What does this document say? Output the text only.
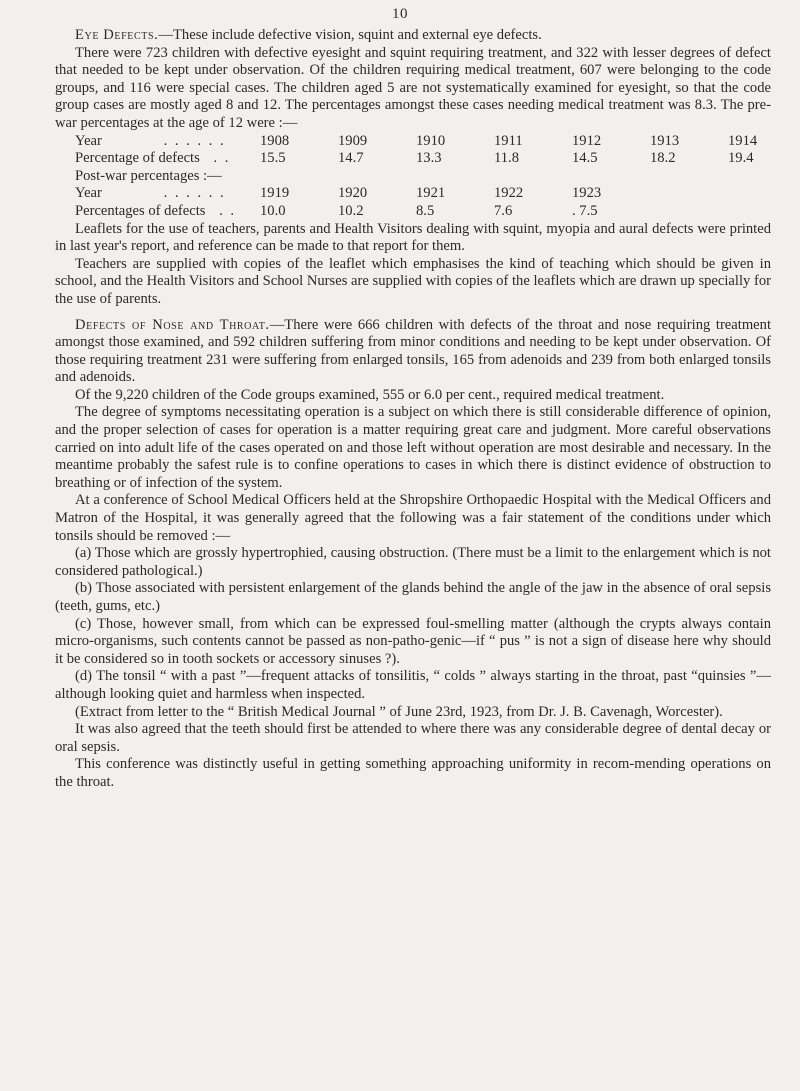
10

Eye Defects.—These include defective vision, squint and external eye defects.

There were 723 children with defective eyesight and squint requiring treatment, and 322 with lesser degrees of defect that needed to be kept under observation. Of the children requiring medical treatment, 607 were belonging to the code groups, and 116 were special cases. The children aged 5 are not systematically examined for eyesight, so that the code group cases are mostly aged 8 and 12. The percentages amongst these cases needing medical treatment was 8.3. The pre-war percentages at the age of 12 were :—

Year . . . . . .	1908	1909	1910	1911	1912	1913	1914
Percentage of defects . .	15.5	14.7	13.3	11.8	14.5	18.2	19.4

Post-war percentages :—

Year . . . . . .	1919	1920	1921	1922	1923
Percentages of defects . .	10.0	10.2	8.5	7.6	. 7.5

Leaflets for the use of teachers, parents and Health Visitors dealing with squint, myopia and aural defects were printed in last year's report, and reference can be made to that report for them.

Teachers are supplied with copies of the leaflet which emphasises the kind of teaching which should be given in school, and the Health Visitors and School Nurses are supplied with copies of the leaflets which are drawn up specially for the use of parents.

Defects of Nose and Throat.—There were 666 children with defects of the throat and nose requiring treatment amongst those examined, and 592 children suffering from minor conditions and needing to be kept under observation. Of those requiring treatment 231 were suffering from enlarged tonsils, 165 from adenoids and 239 from both enlarged tonsils and adenoids.

Of the 9,220 children of the Code groups examined, 555 or 6.0 per cent., required medical treatment.

The degree of symptoms necessitating operation is a subject on which there is still considerable difference of opinion, and the proper selection of cases for operation is a matter requiring great care and judgment. More careful observations carried on into adult life of the cases operated on and those left without operation are most desirable and necessary. In the meantime probably the safest rule is to confine operations to cases in which there is distinct evidence of obstruction to breathing or of infection of the system.

At a conference of School Medical Officers held at the Shropshire Orthopaedic Hospital with the Medical Officers and Matron of the Hospital, it was generally agreed that the following was a fair statement of the conditions under which tonsils should be removed :—

(a) Those which are grossly hypertrophied, causing obstruction. (There must be a limit to the enlargement which is not considered pathological.)

(b) Those associated with persistent enlargement of the glands behind the angle of the jaw in the absence of oral sepsis (teeth, gums, etc.)

(c) Those, however small, from which can be expressed foul-smelling matter (although the crypts always contain micro-organisms, such contents cannot be passed as non-patho-genic—if “ pus ” is not a sign of disease here why should it be considered so in tooth sockets or accessory sinuses ?).

(d) The tonsil “ with a past ”—frequent attacks of tonsilitis, “ colds ” always starting in the throat, past “quinsies ”—although looking quiet and harmless when inspected.

(Extract from letter to the “ British Medical Journal ” of June 23rd, 1923, from Dr. J. B. Cavenagh, Worcester).

It was also agreed that the teeth should first be attended to where there was any considerable degree of dental decay or oral sepsis.

This conference was distinctly useful in getting something approaching uniformity in recom-mending operations on the throat.
